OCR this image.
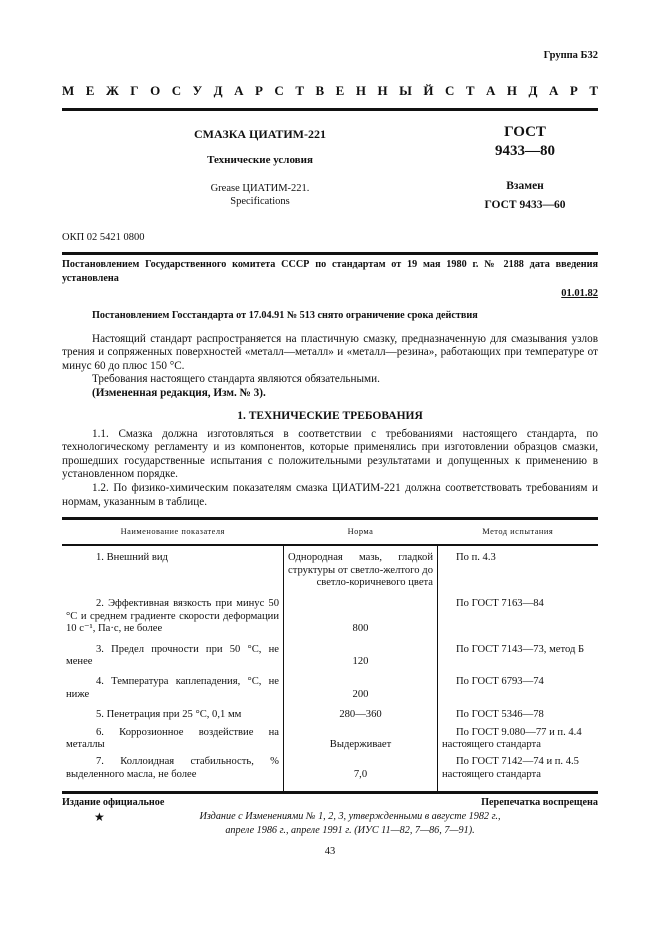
Группа Б32
М Е Ж Г О С У Д А Р С Т В Е Н Н Ы Й С Т А Н Д А Р Т
СМАЗКА ЦИАТИМ-221
Технические условия
Grease ЦИАТИМ-221.
Specifications
ГОСТ
9433—80
Взамен
ГОСТ 9433—60
ОКП 02 5421 0800

Постановлением Государственного комитета СССР по стандартам от 19 мая 1980 г. № 2188 дата введения установлена

01.01.82

Постановлением Госстандарта от 17.04.91 № 513 снято ограничение срока действия

Настоящий стандарт распространяется на пластичную смазку, предназначенную для смазывания узлов трения и сопряженных поверхностей «металл—металл» и «металл—резина», работающих при температуре от минус 60 до плюс 150 °С.

Требования настоящего стандарта являются обязательными.

(Измененная редакция, Изм. № 3).

1. ТЕХНИЧЕСКИЕ ТРЕБОВАНИЯ

1.1. Смазка должна изготовляться в соответствии с требованиями настоящего стандарта, по технологическому регламенту и из компонентов, которые применялись при изготовлении образцов смазки, прошедших государственные испытания с положительными результатами и допущенных к применению в установленном порядке.

1.2. По физико-химическим показателям смазка ЦИАТИМ-221 должна соответствовать требованиям и нормам, указанным в таблице.

Наименование показателя	Норма	Метод испытания
1. Внешний вид	Однородная мазь, гладкой структуры от светло-желтого до светло-коричневого цвета	По п. 4.3
2. Эффективная вязкость при минус 50 °С и среднем градиенте скорости деформации 10 с⁻¹, Па·с, не более	800	По ГОСТ 7163—84
3. Предел прочности при 50 °С, не менее	120	По ГОСТ 7143—73, метод Б
4. Температура каплепадения, °С, не ниже	200	По ГОСТ 6793—74
5. Пенетрация при 25 °С, 0,1 мм	280—360	По ГОСТ 5346—78
6. Коррозионное воздействие на металлы	Выдерживает	По ГОСТ 9.080—77 и п. 4.4 настоящего стандарта
7. Коллоидная стабильность, % выделенного масла, не более	7,0	По ГОСТ 7142—74 и п. 4.5 настоящего стандарта
Издание официальное	Перепечатка воспрещена
★	Издание с Изменениями № 1, 2, 3, утвержденными в августе 1982 г.,
апреле 1986 г., апреле 1991 г. (ИУС 11—82, 7—86, 7—91).
43
